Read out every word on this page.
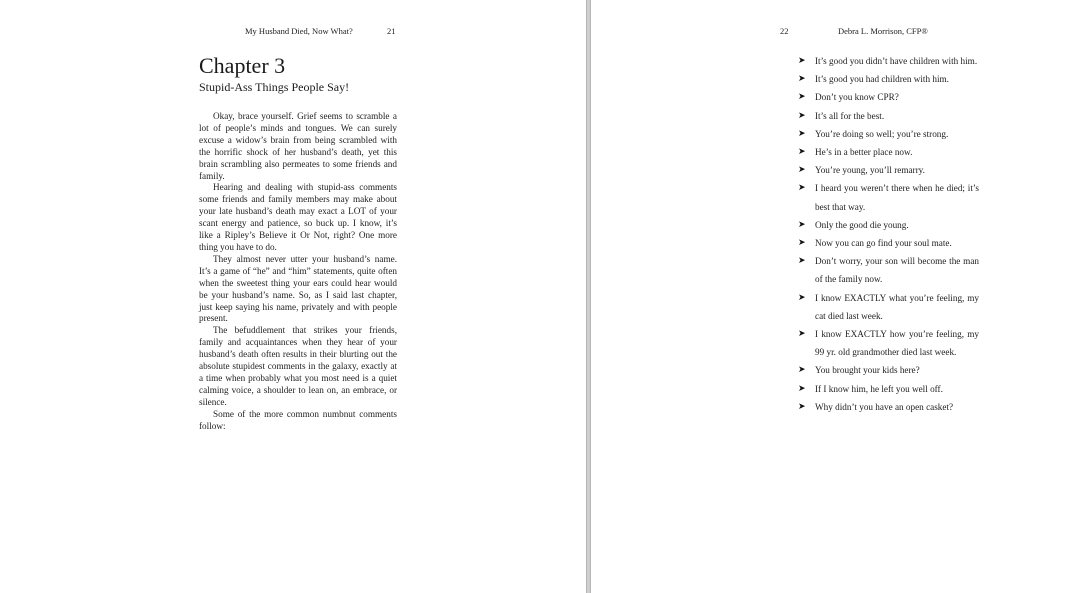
My Husband Died, Now What?	21
Chapter 3
Stupid-Ass Things People Say!

Okay, brace yourself. Grief seems to scramble a lot of people’s minds and tongues. We can surely excuse a widow’s brain from being scrambled with the horrific shock of her husband’s death, yet this brain scrambling also permeates to some friends and family.

Hearing and dealing with stupid-ass comments some friends and family members may make about your late husband’s death may exact a LOT of your scant energy and patience, so buck up. I know, it’s like a Ripley’s Believe it Or Not, right? One more thing you have to do.

They almost never utter your husband’s name. It’s a game of “he” and “him” statements, quite often when the sweetest thing your ears could hear would be your husband’s name. So, as I said last chapter, just keep saying his name, privately and with people present.

The befuddlement that strikes your friends, family and acquaintances when they hear of your husband’s death often results in their blurting out the absolute stupidest comments in the galaxy, exactly at a time when probably what you most need is a quiet calming voice, a shoulder to lean on, an embrace, or silence.

Some of the more common numbnut comments follow:

22	Debra L. Morrison, CFP®
➤ It’s good you didn’t have children with him.
➤ It’s good you had children with him.
➤ Don’t you know CPR?
➤ It’s all for the best.
➤ You’re doing so well; you’re strong.
➤ He’s in a better place now.
➤ You’re young, you’ll remarry.
➤ I heard you weren’t there when he died; it’s best that way.
➤ Only the good die young.
➤ Now you can go find your soul mate.
➤ Don’t worry, your son will become the man of the family now.
➤ I know EXACTLY what you’re feeling, my cat died last week.
➤ I know EXACTLY how you’re feeling, my 99 yr. old grandmother died last week.
➤ You brought your kids here?
➤ If I know him, he left you well off.
➤ Why didn’t you have an open casket?
